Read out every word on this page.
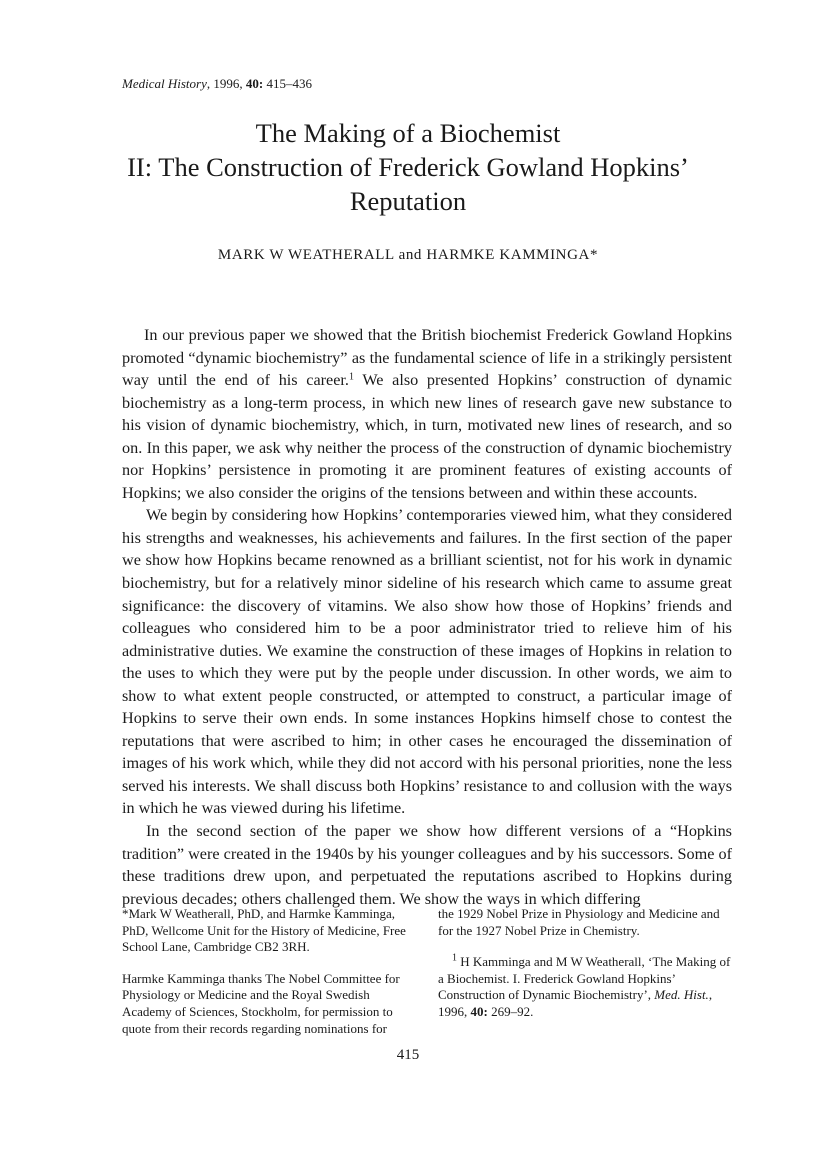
Medical History, 1996, 40: 415–436
The Making of a Biochemist
II: The Construction of Frederick Gowland Hopkins’
Reputation
MARK W WEATHERALL and HARMKE KAMMINGA*

In our previous paper we showed that the British biochemist Frederick Gowland Hopkins promoted “dynamic biochemistry” as the fundamental science of life in a strikingly persistent way until the end of his career.$^1$ We also presented Hopkins’ construction of dynamic biochemistry as a long-term process, in which new lines of research gave new substance to his vision of dynamic biochemistry, which, in turn, motivated new lines of research, and so on. In this paper, we ask why neither the process of the construction of dynamic biochemistry nor Hopkins’ persistence in promoting it are prominent features of existing accounts of Hopkins; we also consider the origins of the tensions between and within these accounts.

We begin by considering how Hopkins’ contemporaries viewed him, what they considered his strengths and weaknesses, his achievements and failures. In the first section of the paper we show how Hopkins became renowned as a brilliant scientist, not for his work in dynamic biochemistry, but for a relatively minor sideline of his research which came to assume great significance: the discovery of vitamins. We also show how those of Hopkins’ friends and colleagues who considered him to be a poor administrator tried to relieve him of his administrative duties. We examine the construction of these images of Hopkins in relation to the uses to which they were put by the people under discussion. In other words, we aim to show to what extent people constructed, or attempted to construct, a particular image of Hopkins to serve their own ends. In some instances Hopkins himself chose to contest the reputations that were ascribed to him; in other cases he encouraged the dissemination of images of his work which, while they did not accord with his personal priorities, none the less served his interests. We shall discuss both Hopkins’ resistance to and collusion with the ways in which he was viewed during his lifetime.

In the second section of the paper we show how different versions of a “Hopkins tradition” were created in the 1940s by his younger colleagues and by his successors. Some of these traditions drew upon, and perpetuated the reputations ascribed to Hopkins during previous decades; others challenged them. We show the ways in which differing

*Mark W Weatherall, PhD, and Harmke Kamminga, PhD, Wellcome Unit for the History of Medicine, Free School Lane, Cambridge CB2 3RH.

Harmke Kamminga thanks The Nobel Committee for Physiology or Medicine and the Royal Swedish Academy of Sciences, Stockholm, for permission to quote from their records regarding nominations for

the 1929 Nobel Prize in Physiology and Medicine and for the 1927 Nobel Prize in Chemistry.

$^1$ H Kamminga and M W Weatherall, ‘The Making of a Biochemist. I. Frederick Gowland Hopkins’ Construction of Dynamic Biochemistry’, Med. Hist., 1996, 40: 269–92.

415
